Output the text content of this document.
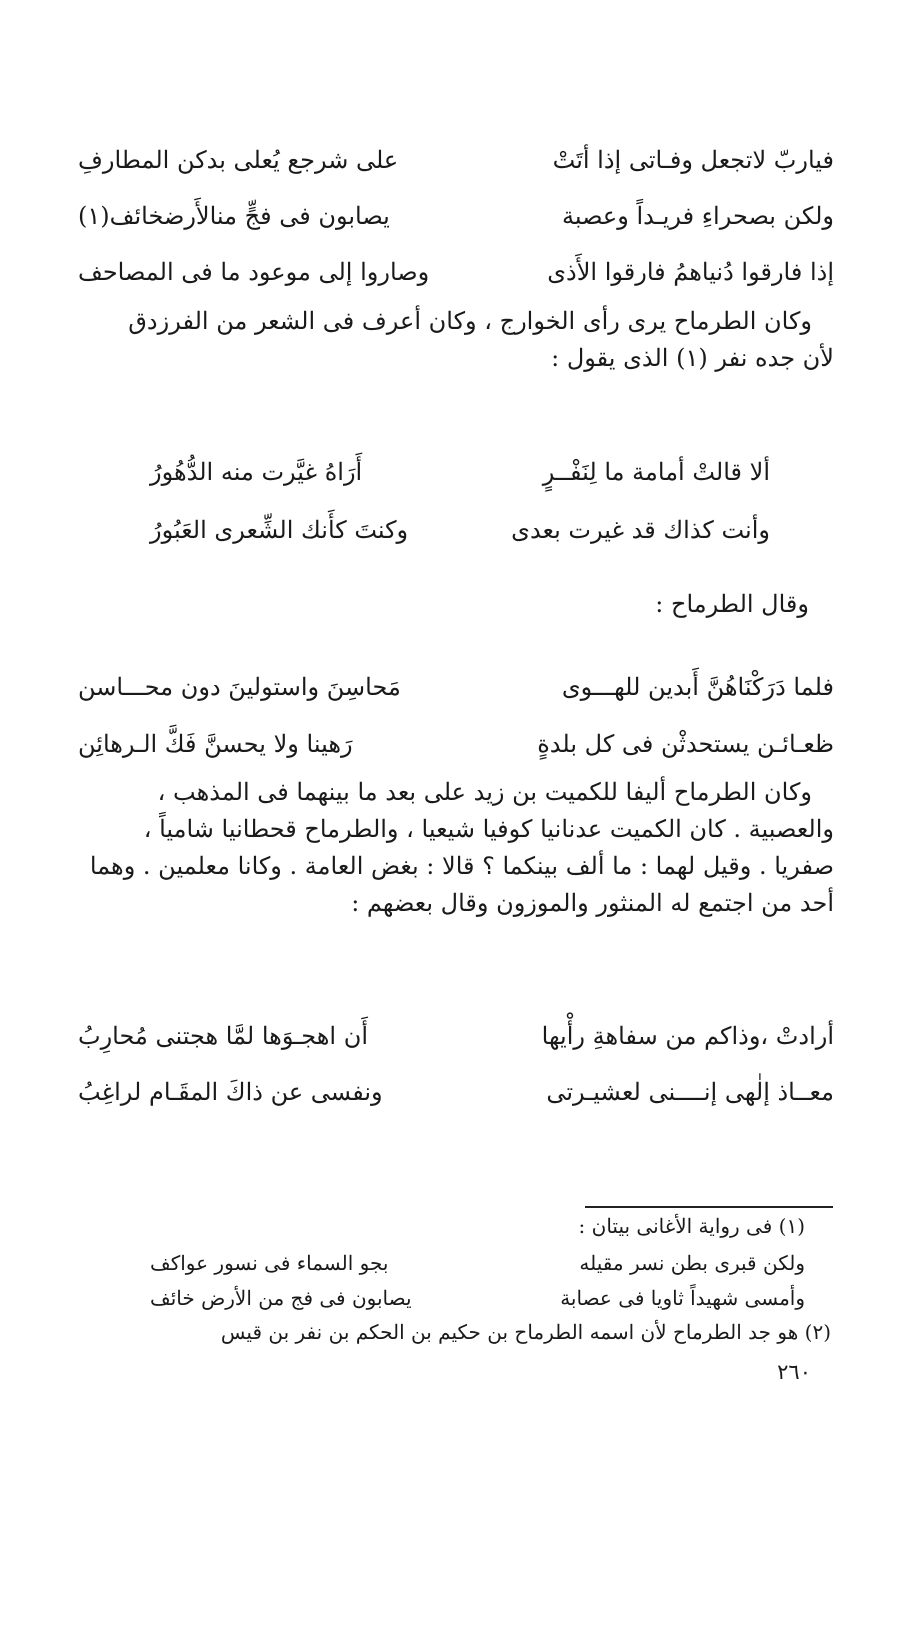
فياربّ لاتجعل وفـاتى إذا أتَتْ
على شرجع يُعلى بدكن المطارفِ
ولكن بصحراءِ فريـداً وعصبة
يصابون فى فجٍّ منالأَرضخائف(١)
إذا فارقوا دُنياهمُ فارقوا الأَذى
وصاروا إلى موعود ما فى المصاحف
وكان الطرماح يرى رأى الخوارج ، وكان أعرف فى الشعر من الفرزدق
لأن جده نفر (١) الذى يقول :
ألا قالتْ أمامة ما لِنَفْــرٍ
أَرَاهُ غيَّرت منه الدُّهُورُ
وأنت كذاك قد غيرت بعدى
وكنتَ كأَنك الشِّعرى العَبُورُ
وقال الطرماح :
فلما دَرَكْنَاهُنَّ أَبدين للهـــوى
مَحاسِنَ واستولينَ دون محـــاسن
ظعـائـن يستحدثْن فى كل بلدةٍ
رَهينا ولا يحسنَّ فَكَّ الـرهائِن
وكان الطرماح أليفا للكميت بن زيد على بعد ما بينهما فى المذهب ،
والعصبية . كان الكميت عدنانيا كوفيا شيعيا ، والطرماح قحطانيا شامياً ،
صفريا . وقيل لهما : ما ألف بينكما ؟ قالا : بغض العامة . وكانا معلمين . وهما
أحد من اجتمع له المنثور والموزون وقال بعضهم :
أرادتْ ،وذاكم من سفاهةِ رأْيها
أَن اهجـوَها لمَّا هجتنى مُحارِبُ
معــاذ إلٰهى إنــــنى لعشيـرتى
ونفسى عن ذاكَ المقَـام لراغِبُ
(١) فى رواية الأغانى بيتان :
ولكن قبرى بطن نسر مقيله
بجو السماء فى نسور عواكف
وأمسى شهيداً ثاويا فى عصابة
يصابون فى فج من الأرض خائف
(٢) هو جد الطرماح لأن اسمه الطرماح بن حكيم بن الحكم بن نفر بن قيس
٢٦٠
